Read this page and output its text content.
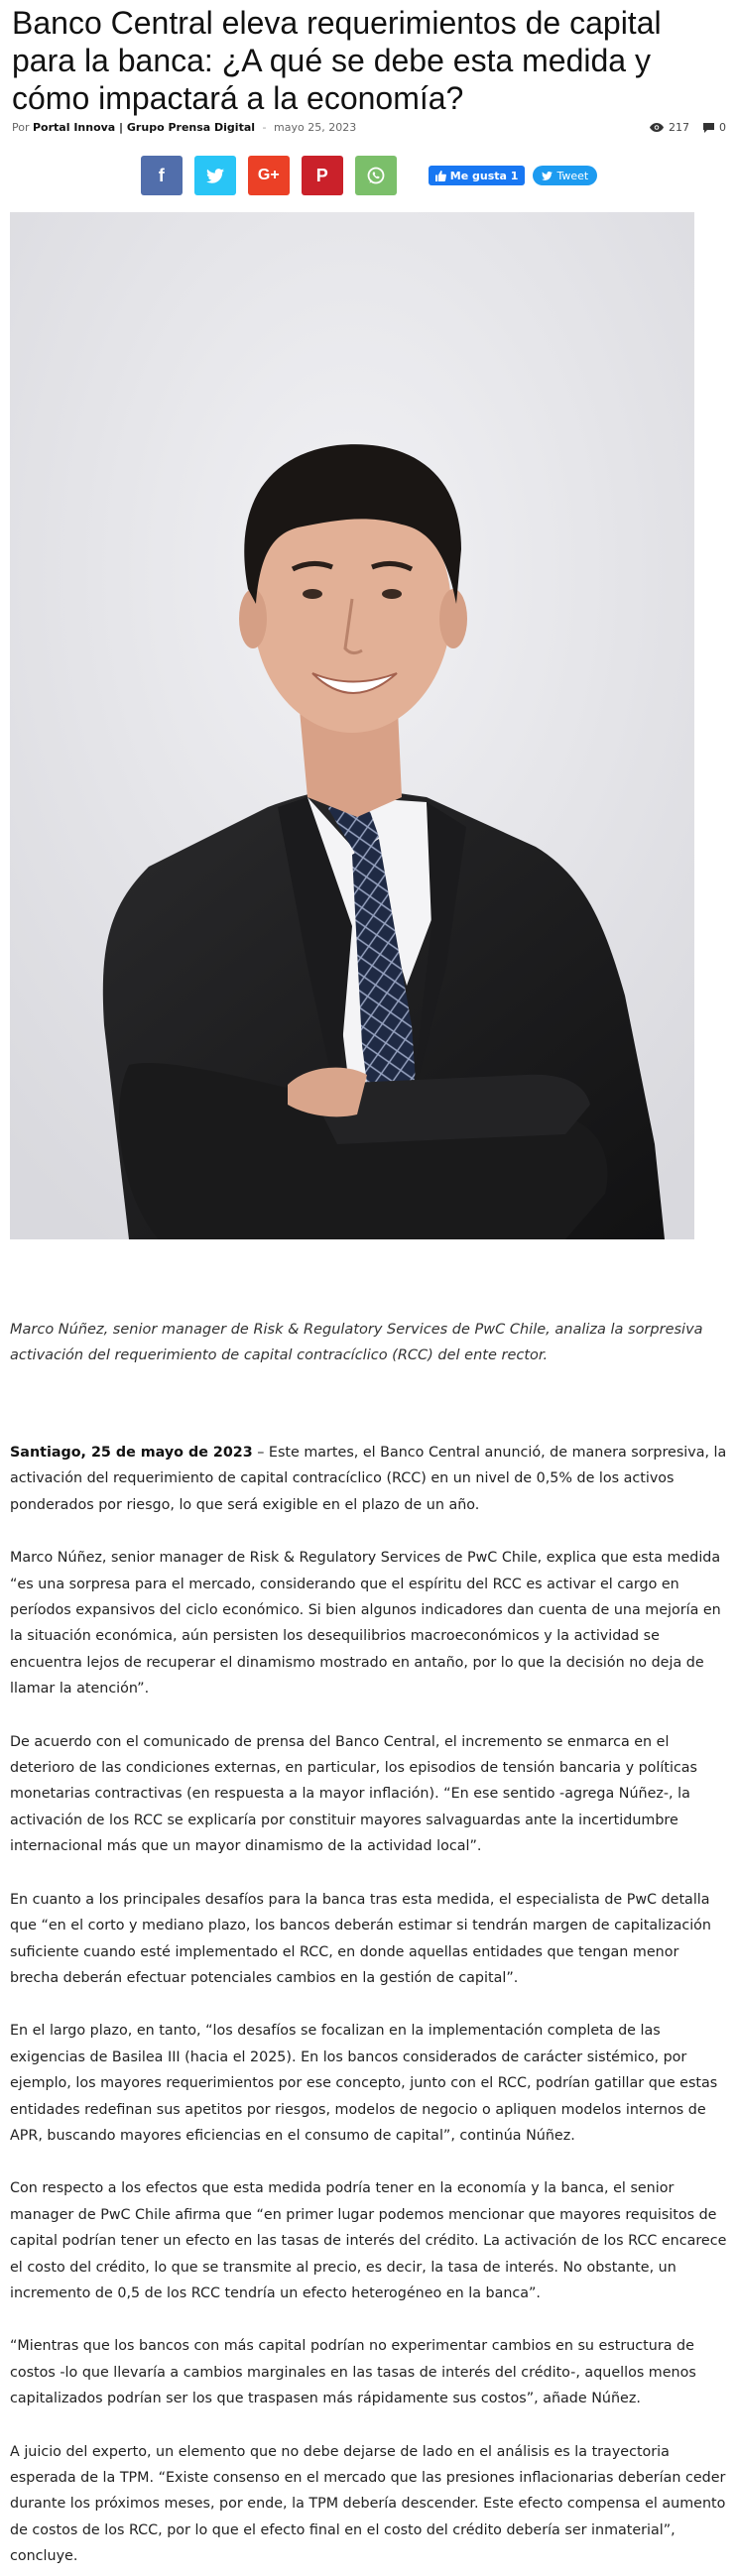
Banco Central eleva requerimientos de capital para la banca: ¿A qué se debe esta medida y cómo impactará a la economía?
Por Portal Innova | Grupo Prensa Digital - mayo 25, 2023	217	0
f	G+ P	Me gusta 1	Tweet

Marco Núñez, senior manager de Risk & Regulatory Services de PwC Chile, analiza la sorpresiva activación del requerimiento de capital contracíclico (RCC) del ente rector.

Santiago, 25 de mayo de 2023 – Este martes, el Banco Central anunció, de manera sorpresiva, la activación del requerimiento de capital contracíclico (RCC) en un nivel de 0,5% de los activos ponderados por riesgo, lo que será exigible en el plazo de un año.

Marco Núñez, senior manager de Risk & Regulatory Services de PwC Chile, explica que esta medida “es una sorpresa para el mercado, considerando que el espíritu del RCC es activar el cargo en períodos expansivos del ciclo económico. Si bien algunos indicadores dan cuenta de una mejoría en la situación económica, aún persisten los desequilibrios macroeconómicos y la actividad se encuentra lejos de recuperar el dinamismo mostrado en antaño, por lo que la decisión no deja de llamar la atención”.

De acuerdo con el comunicado de prensa del Banco Central, el incremento se enmarca en el deterioro de las condiciones externas, en particular, los episodios de tensión bancaria y políticas monetarias contractivas (en respuesta a la mayor inflación). “En ese sentido -agrega Núñez-, la activación de los RCC se explicaría por constituir mayores salvaguardas ante la incertidumbre internacional más que un mayor dinamismo de la actividad local”.

En cuanto a los principales desafíos para la banca tras esta medida, el especialista de PwC detalla que “en el corto y mediano plazo, los bancos deberán estimar si tendrán margen de capitalización suficiente cuando esté implementado el RCC, en donde aquellas entidades que tengan menor brecha deberán efectuar potenciales cambios en la gestión de capital”.

En el largo plazo, en tanto, “los desafíos se focalizan en la implementación completa de las exigencias de Basilea III (hacia el 2025). En los bancos considerados de carácter sistémico, por ejemplo, los mayores requerimientos por ese concepto, junto con el RCC, podrían gatillar que estas entidades redefinan sus apetitos por riesgos, modelos de negocio o apliquen modelos internos de APR, buscando mayores eficiencias en el consumo de capital”, continúa Núñez.

Con respecto a los efectos que esta medida podría tener en la economía y la banca, el senior manager de PwC Chile afirma que “en primer lugar podemos mencionar que mayores requisitos de capital podrían tener un efecto en las tasas de interés del crédito. La activación de los RCC encarece el costo del crédito, lo que se transmite al precio, es decir, la tasa de interés. No obstante, un incremento de 0,5 de los RCC tendría un efecto heterogéneo en la banca”.

“Mientras que los bancos con más capital podrían no experimentar cambios en su estructura de costos -lo que llevaría a cambios marginales en las tasas de interés del crédito-, aquellos menos capitalizados podrían ser los que traspasen más rápidamente sus costos”, añade Núñez.

A juicio del experto, un elemento que no debe dejarse de lado en el análisis es la trayectoria esperada de la TPM. “Existe consenso en el mercado que las presiones inflacionarias deberían ceder durante los próximos meses, por ende, la TPM debería descender. Este efecto compensa el aumento de costos de los RCC, por lo que el efecto final en el costo del crédito debería ser inmaterial”, concluye.
